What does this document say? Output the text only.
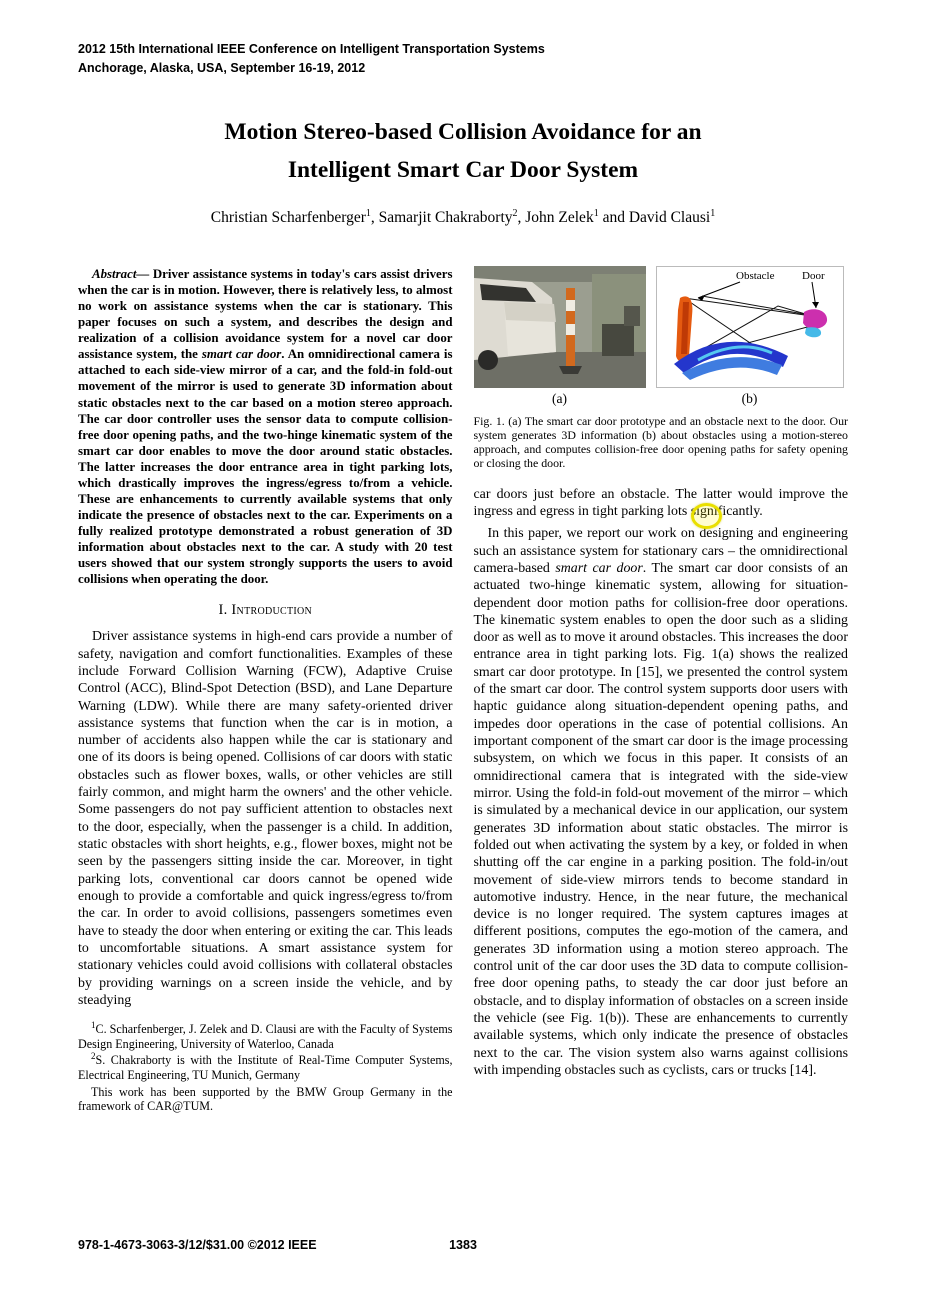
2012 15th International IEEE Conference on Intelligent Transportation Systems
Anchorage, Alaska, USA, September 16-19, 2012
Motion Stereo-based Collision Avoidance for an
Intelligent Smart Car Door System
Christian Scharfenberger$^1$, Samarjit Chakraborty$^2$, John Zelek$^1$ and David Clausi$^1$

Abstract— Driver assistance systems in today's cars assist drivers when the car is in motion. However, there is relatively less, to almost no work on assistance systems when the car is stationary. This paper focuses on such a system, and describes the design and realization of a collision avoidance system for a novel car door assistance system, the smart car door. An omnidirectional camera is attached to each side-view mirror of a car, and the fold-in fold-out movement of the mirror is used to generate 3D information about static obstacles next to the car based on a motion stereo approach. The car door controller uses the sensor data to compute collision-free door opening paths, and the two-hinge kinematic system of the smart car door enables to move the door around static obstacles. The latter increases the door entrance area in tight parking lots, which drastically improves the ingress/egress to/from a vehicle. These are enhancements to currently available systems that only indicate the presence of obstacles next to the car. Experiments on a fully realized prototype demonstrated a robust generation of 3D information about obstacles next to the car. A study with 20 test users showed that our system strongly supports the users to avoid collisions when operating the door.

I. Introduction

Driver assistance systems in high-end cars provide a number of safety, navigation and comfort functionalities. Examples of these include Forward Collision Warning (FCW), Adaptive Cruise Control (ACC), Blind-Spot Detection (BSD), and Lane Departure Warning (LDW). While there are many safety-oriented driver assistance systems that function when the car is in motion, a number of accidents also happen while the car is stationary and one of its doors is being opened. Collisions of car doors with static obstacles such as flower boxes, walls, or other vehicles are still fairly common, and might harm the owners' and the other vehicle. Some passengers do not pay sufficient attention to obstacles next to the door, especially, when the passenger is a child. In addition, static obstacles with short heights, e.g., flower boxes, might not be seen by the passengers sitting inside the car. Moreover, in tight parking lots, conventional car doors cannot be opened wide enough to provide a comfortable and quick ingress/egress to/from the car. In order to avoid collisions, passengers sometimes even have to steady the door when entering or exiting the car. This leads to uncomfortable situations. A smart assistance system for stationary vehicles could avoid collisions with collateral obstacles by providing warnings on a screen inside the vehicle, and by steadying

$^1$C. Scharfenberger, J. Zelek and D. Clausi are with the Faculty of Systems Design Engineering, University of Waterloo, Canada

$^2$S. Chakraborty is with the Institute of Real-Time Computer Systems, Electrical Engineering, TU Munich, Germany

This work has been supported by the BMW Group Germany in the framework of CAR@TUM.

Obstacle	Door
(a)	(b)
Fig. 1. (a) The smart car door prototype and an obstacle next to the door. Our system generates 3D information (b) about obstacles using a motion-stereo approach, and computes collision-free door opening paths for safety opening or closing the door.

car doors just before an obstacle. The latter would improve the ingress and egress in tight parking lots significantly.

In this paper, we report our work on designing and engineering such an assistance system for stationary cars – the omnidirectional camera-based smart car door. The smart car door consists of an actuated two-hinge kinematic system, allowing for situation-dependent door motion paths for collision-free door operations. The kinematic system enables to open the door such as a sliding door as well as to move it around obstacles. This increases the door entrance area in tight parking lots. Fig. 1(a) shows the realized smart car door prototype. In [15], we presented the control system of the smart car door. The control system supports door users with haptic guidance along situation-dependent opening paths, and impedes door operations in the case of potential collisions. An important component of the smart car door is the image processing subsystem, on which we focus in this paper. It consists of an omnidirectional camera that is integrated with the side-view mirror. Using the fold-in fold-out movement of the mirror – which is simulated by a mechanical device in our application, our system generates 3D information about static obstacles. The mirror is folded out when activating the system by a key, or folded in when shutting off the car engine in a parking position. The fold-in/out movement of side-view mirrors tends to become standard in automotive industry. Hence, in the near future, the mechanical device is no longer required. The system captures images at different positions, computes the ego-motion of the camera, and generates 3D information using a motion stereo approach. The control unit of the car door uses the 3D data to compute collision-free door opening paths, to steady the car door just before an obstacle, and to display information of obstacles on a screen inside the vehicle (see Fig. 1(b)). These are enhancements to currently available systems, which only indicate the presence of obstacles next to the car. The vision system also warns against collisions with impending obstacles such as cyclists, cars or trucks [14].

1383
978-1-4673-3063-3/12/$31.00 ©2012 IEEE
